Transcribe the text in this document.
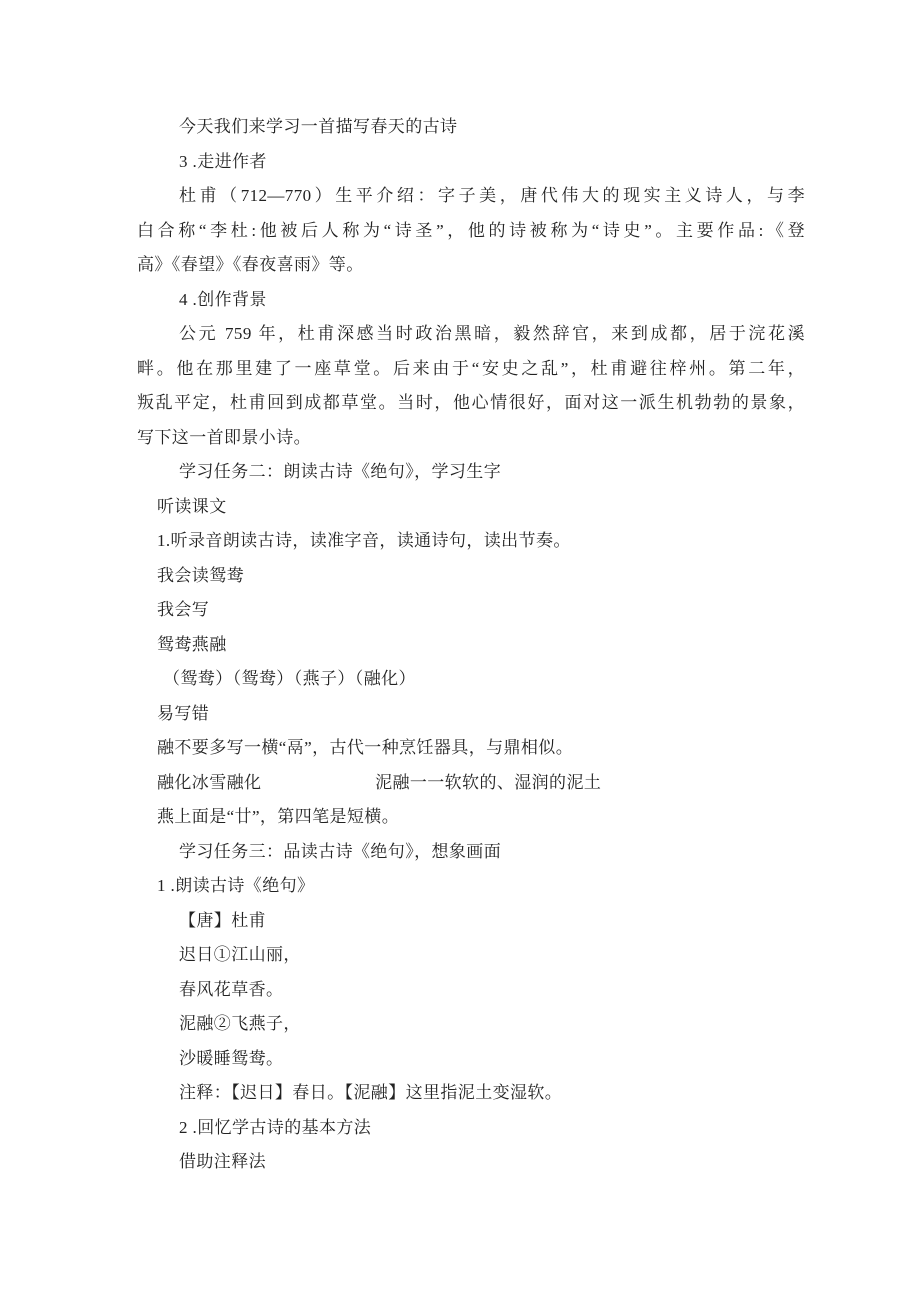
今天我们来学习一首描写春天的古诗
3 .走进作者
杜甫（712—770）生平介绍：字子美，唐代伟大的现实主义诗人，与李
白合称“李杜:他被后人称为“诗圣”，他的诗被称为“诗史”。主要作品:《登
高》《春望》《春夜喜雨》等。
4 .创作背景
公元 759 年，杜甫深感当时政治黑暗，毅然辞官，来到成都，居于浣花溪
畔。他在那里建了一座草堂。后来由于“安史之乱”，杜甫避往梓州。第二年，
叛乱平定，杜甫回到成都草堂。当时，他心情很好，面对这一派生机勃勃的景象，
写下这一首即景小诗。
学习任务二：朗读古诗《绝句》，学习生字
听读课文
1.听录音朗读古诗，读准字音，读通诗句，读出节奏。
我会读鸳鸯
我会写
鸳鸯燕融
（鸳鸯）（鸳鸯）（燕子）（融化）
易写错
融不要多写一横“鬲”，古代一种烹饪器具，与鼎相似。
融化冰雪融化	泥融一一软软的、湿润的泥土
燕上面是“廿”，第四笔是短横。
学习任务三：品读古诗《绝句》，想象画面
1 .朗读古诗《绝句》
【唐】杜甫
迟日①江山丽，
春风花草香。
泥融②飞燕子，
沙暖睡鸳鸯。
注释：【迟日】春日。【泥融】这里指泥土变湿软。
2 .回忆学古诗的基本方法
借助注释法
